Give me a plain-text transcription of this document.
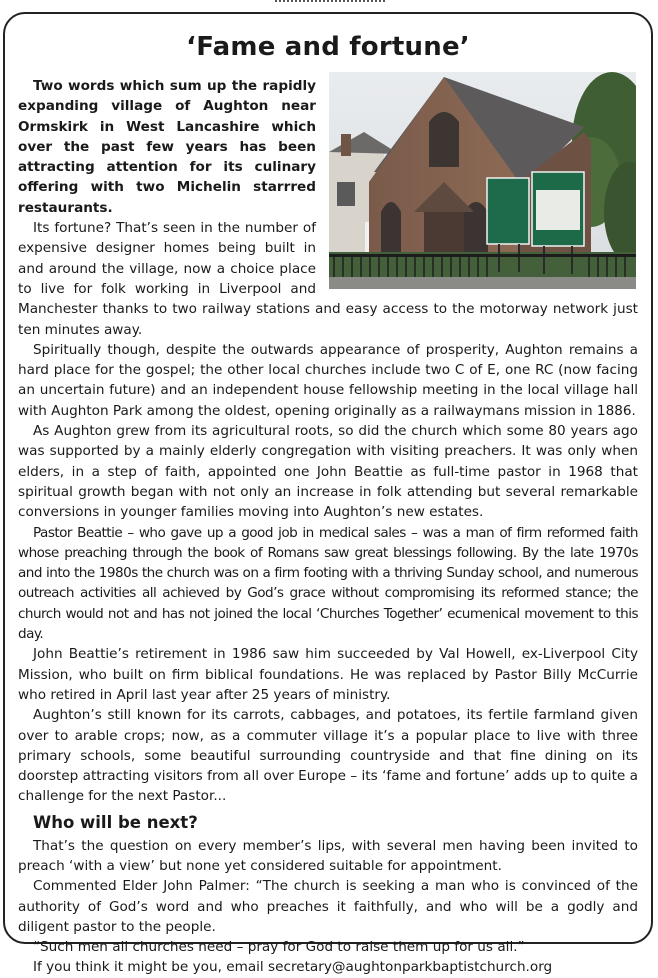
‘Fame and fortune’

Two words which sum up the rapidly expanding village of Aughton near Ormskirk in West Lancashire which over the past few years has been attracting attention for its culinary offering with two Michelin starrred restaurants.

Its fortune? That’s seen in the number of expensive designer homes being built in and around the village, now a choice place to live for folk working in Liverpool and Manchester thanks to two railway stations and easy access to the motorway network just ten minutes away.

Spiritually though, despite the outwards appearance of prosperity, Aughton remains a hard place for the gospel; the other local churches include two C of E, one RC (now facing an uncertain future) and an independent house fellowship meeting in the local village hall with Aughton Park among the oldest, opening originally as a railwaymans mission in 1886.

As Aughton grew from its agricultural roots, so did the church which some 80 years ago was supported by a mainly elderly congregation with visiting preachers. It was only when elders, in a step of faith, appointed one John Beattie as full-time pastor in 1968 that spiritual growth began with not only an increase in folk attending but several remarkable conversions in younger families moving into Aughton’s new estates.

Pastor Beattie – who gave up a good job in medical sales – was a man of firm reformed faith whose preaching through the book of Romans saw great blessings following. By the late 1970s and into the 1980s the church was on a firm footing with a thriving Sunday school, and numerous outreach activities all achieved by God’s grace without compromising its reformed stance; the church would not and has not joined the local ‘Churches Together’ ecumenical movement to this day.

John Beattie’s retirement in 1986 saw him succeeded by Val Howell, ex-Liverpool City Mission, who built on firm biblical foundations. He was replaced by Pastor Billy McCurrie who retired in April last year after 25 years of ministry.

Aughton’s still known for its carrots, cabbages, and potatoes, its fertile farmland given over to arable crops; now, as a commuter village it’s a popular place to live with three primary schools, some beautiful surrounding countryside and that fine dining on its doorstep attracting visitors from all over Europe – its ‘fame and fortune’ adds up to quite a challenge for the next Pastor...

Who will be next?

That’s the question on every member’s lips, with several men having been invited to preach ‘with a view’ but none yet considered suitable for appointment.

Commented Elder John Palmer: “The church is seeking a man who is convinced of the authority of God’s word and who preaches it faithfully, and who will be a godly and diligent pastor to the people.

“Such men all churches need – pray for God to raise them up for us all.”

If you think it might be you, email secretary@aughtonparkbaptistchurch.org
